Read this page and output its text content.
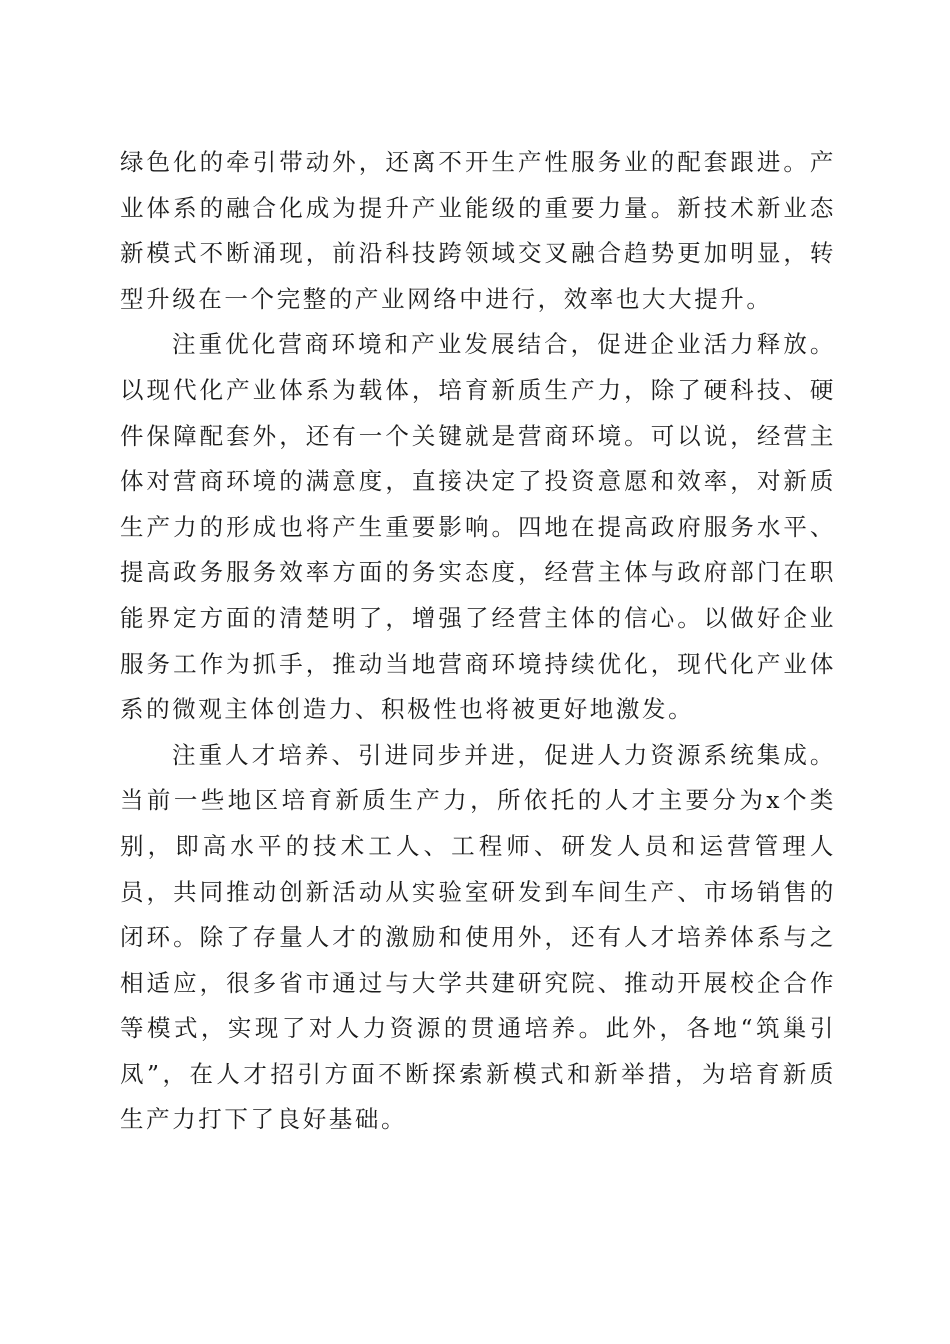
绿色化的牵引带动外，还离不开生产性服务业的配套跟进。产业体系的融合化成为提升产业能级的重要力量。新技术新业态新模式不断涌现，前沿科技跨领域交叉融合趋势更加明显，转型升级在一个完整的产业网络中进行，效率也大大提升。

注重优化营商环境和产业发展结合，促进企业活力释放。以现代化产业体系为载体，培育新质生产力，除了硬科技、硬件保障配套外，还有一个关键就是营商环境。可以说，经营主体对营商环境的满意度，直接决定了投资意愿和效率，对新质生产力的形成也将产生重要影响。四地在提高政府服务水平、提高政务服务效率方面的务实态度，经营主体与政府部门在职能界定方面的清楚明了，增强了经营主体的信心。以做好企业服务工作为抓手，推动当地营商环境持续优化，现代化产业体系的微观主体创造力、积极性也将被更好地激发。

注重人才培养、引进同步并进，促进人力资源系统集成。当前一些地区培育新质生产力，所依托的人才主要分为x个类别，即高水平的技术工人、工程师、研发人员和运营管理人员，共同推动创新活动从实验室研发到车间生产、市场销售的闭环。除了存量人才的激励和使用外，还有人才培养体系与之相适应，很多省市通过与大学共建研究院、推动开展校企合作等模式，实现了对人力资源的贯通培养。此外，各地“筑巢引凤”，在人才招引方面不断探索新模式和新举措，为培育新质生产力打下了良好基础。
